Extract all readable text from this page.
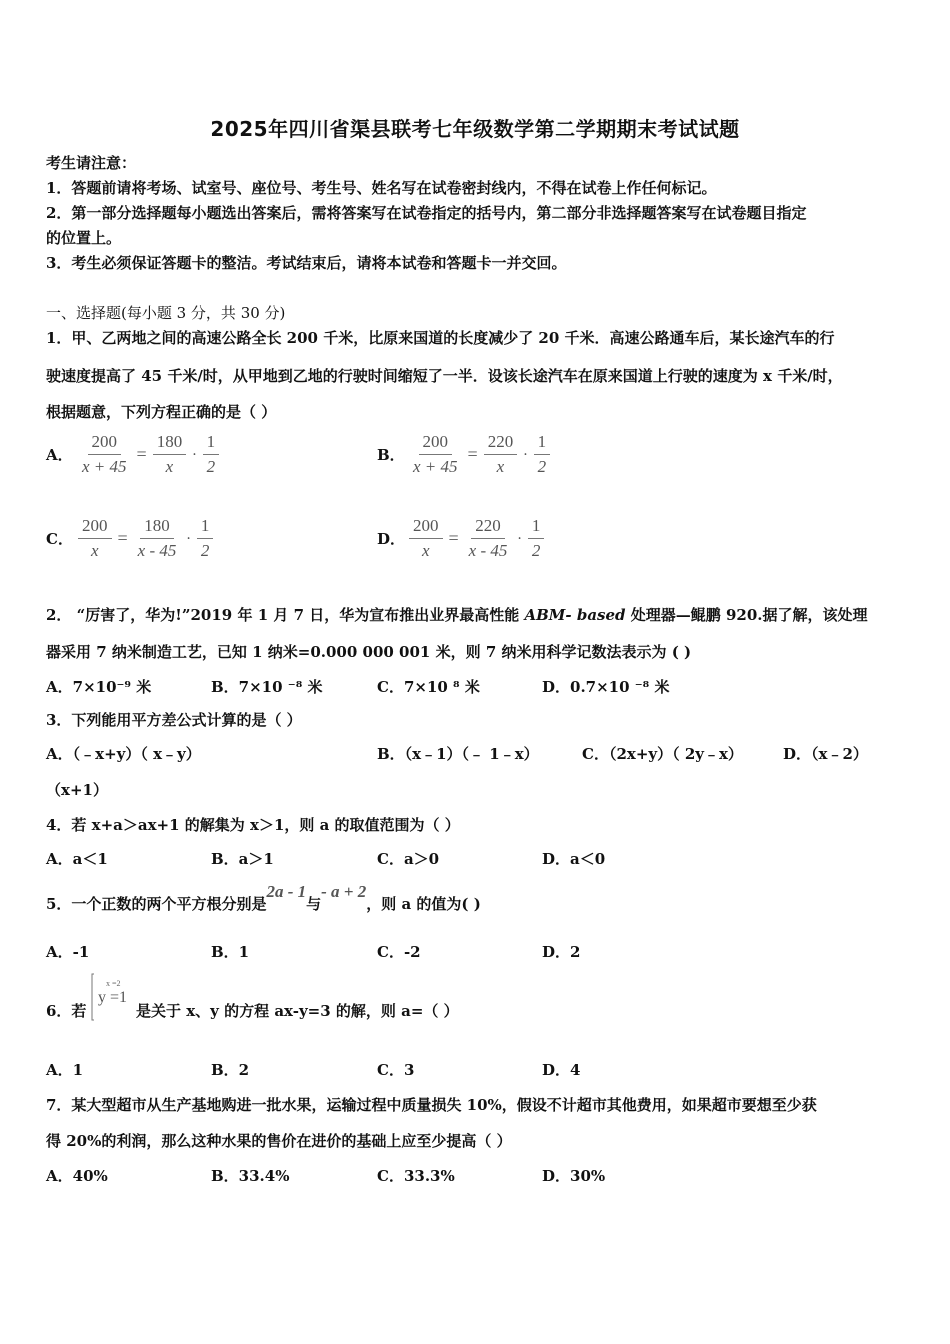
2025年四川省渠县联考七年级数学第二学期期末考试试题
考生请注意：
1．答题前请将考场、试室号、座位号、考生号、姓名写在试卷密封线内，不得在试卷上作任何标记。
2．第一部分选择题每小题选出答案后，需将答案写在试卷指定的括号内，第二部分非选择题答案写在试卷题目指定
的位置上。
3．考生必须保证答题卡的整洁。考试结束后，请将本试卷和答题卡一并交回。
一、选择题(每小题 3 分，共 30 分)
1．甲、乙两地之间的高速公路全长 200 千米，比原来国道的长度减少了 20 千米．高速公路通车后，某长途汽车的行
驶速度提高了 45 千米/时，从甲地到乙地的行驶时间缩短了一半．设该长途汽车在原来国道上行驶的速度为 x 千米/时，
根据题意，下列方程正确的是（ ）
A． $\frac{200}{x + 45} = \frac{180}{x} \cdot \frac{1}{2}$	B． $\frac{200}{x + 45} = \frac{220}{x} \cdot \frac{1}{2}$
C． $\frac{200}{x} = \frac{180}{x - 45} \cdot \frac{1}{2}$	D． $\frac{200}{x} = \frac{220}{x - 45} \cdot \frac{1}{2}$
2． “厉害了，华为!”2019 年 1 月 7 日，华为宣布推出业界最高性能 ABM- based 处理器—鲲鹏 920.据了解，该处理
器采用 7 纳米制造工艺，已知 1 纳米=0.000 000 001 米，则 7 纳米用科学记数法表示为 ( )
A．7×10⁻⁹ 米	B．7×10 ⁻⁸ 米	C．7×10 ⁸ 米	D．0.7×10 ⁻⁸ 米
3．下列能用平方差公式计算的是（ ）
A．（﹣x+y）（ x﹣y）	B．（x﹣1）（﹣ 1﹣x）	C．（2x+y）（ 2y﹣x）	D．（x﹣2）
（x+1）
4．若 x+a＞ax+1 的解集为 x＞1，则 a 的取值范围为（ ）
A．a＜1	B．a＞1	C．a＞0	D．a＜0
5．一个正数的两个平方根分别是2a - 1与- a + 2，则 a 的值为( )
A．-1	B．1	C．-2	D．2
6．若
x =2
y =1
是关于 x、y 的方程 ax-y=3 的解，则 a=（ ）
A．1	B．2	C．3	D．4
7．某大型超市从生产基地购进一批水果，运输过程中质量损失 10%，假设不计超市其他费用，如果超市要想至少获
得 20%的利润，那么这种水果的售价在进价的基础上应至少提高（ ）
A．40%	B．33.4%	C．33.3%	D．30%
